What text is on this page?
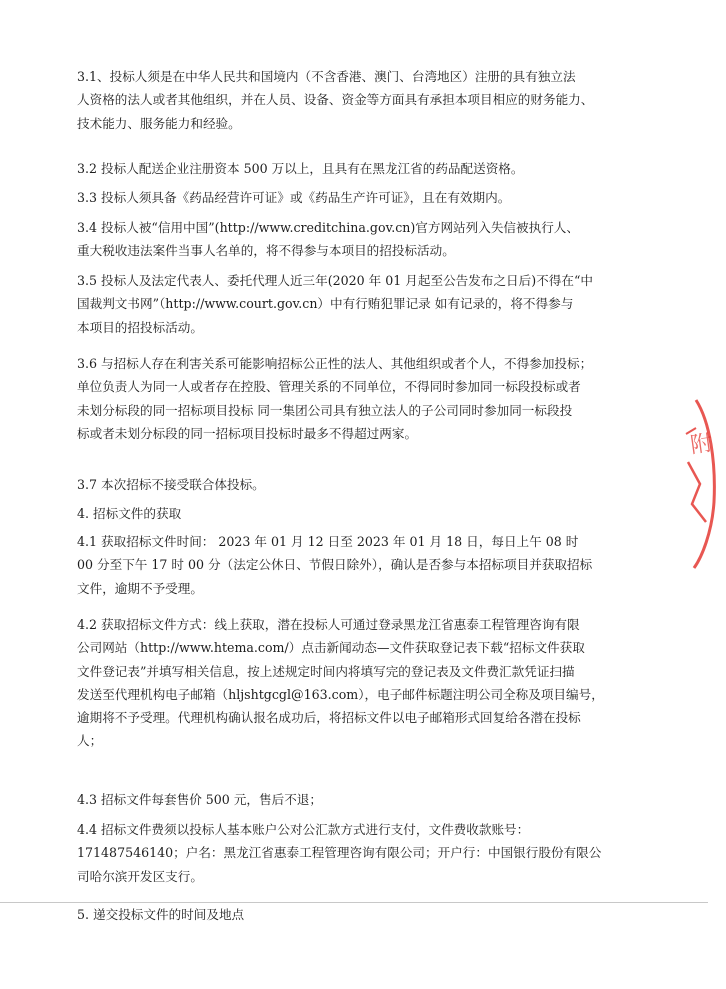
3.1、投标人须是在中华人民共和国境内（不含香港、澳门、台湾地区）注册的具有独立法
人资格的法人或者其他组织，并在人员、设备、资金等方面具有承担本项目相应的财务能力、
技术能力、服务能力和经验。
3.2 投标人配送企业注册资本 500 万以上，且具有在黑龙江省的药品配送资格。
3.3 投标人须具备《药品经营许可证》或《药品生产许可证》，且在有效期内。
3.4 投标人被“信用中国”(http://www.creditchina.gov.cn)官方网站列入失信被执行人、
重大税收违法案件当事人名单的，将不得参与本项目的招投标活动。
3.5 投标人及法定代表人、委托代理人近三年(2020 年 01 月起至公告发布之日后)不得在“中
国裁判文书网”（http://www.court.gov.cn）中有行贿犯罪记录 如有记录的，将不得参与
本项目的招投标活动。
3.6 与招标人存在利害关系可能影响招标公正性的法人、其他组织或者个人，不得参加投标；
单位负责人为同一人或者存在控股、管理关系的不同单位，不得同时参加同一标段投标或者
未划分标段的同一招标项目投标 同一集团公司具有独立法人的子公司同时参加同一标段投
标或者未划分标段的同一招标项目投标时最多不得超过两家。
3.7 本次招标不接受联合体投标。
4. 招标文件的获取
4.1 获取招标文件时间： 2023 年 01 月 12 日至 2023 年 01 月 18 日，每日上午 08 时
00 分至下午 17 时 00 分（法定公休日、节假日除外），确认是否参与本招标项目并获取招标
文件，逾期不予受理。
4.2 获取招标文件方式：线上获取，潜在投标人可通过登录黑龙江省惠泰工程管理咨询有限
公司网站（http://www.htema.com/）点击新闻动态—文件获取登记表下载“招标文件获取
文件登记表”并填写相关信息，按上述规定时间内将填写完的登记表及文件费汇款凭证扫描
发送至代理机构电子邮箱（hljshtgcgl@163.com），电子邮件标题注明公司全称及项目编号，
逾期将不予受理。代理机构确认报名成功后，将招标文件以电子邮箱形式回复给各潜在投标
人；
4.3 招标文件每套售价 500 元，售后不退；
4.4 招标文件费须以投标人基本账户公对公汇款方式进行支付，文件费收款账号：
171487546140；户名：黑龙江省惠泰工程管理咨询有限公司；开户行：中国银行股份有限公
司哈尔滨开发区支行。
5. 递交投标文件的时间及地点
附
